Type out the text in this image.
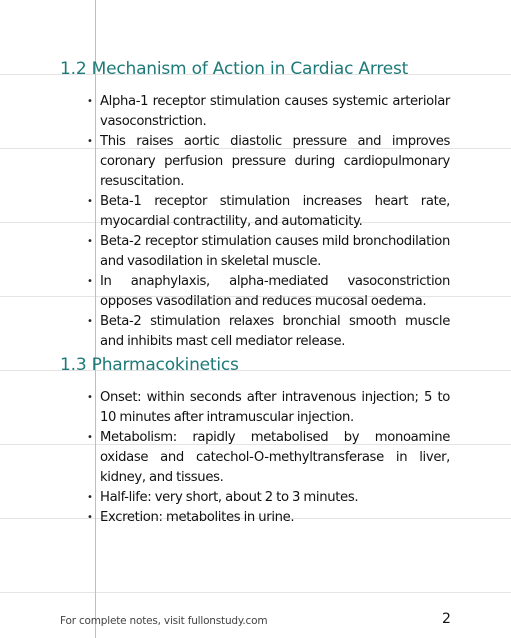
1.2 Mechanism of Action in Cardiac Arrest
• Alpha-1 receptor stimulation causes systemic arteriolar vasoconstriction.
• This raises aortic diastolic pressure and improves coronary perfusion pressure during cardiopulmonary resuscitation.
• Beta-1 receptor stimulation increases heart rate, myocardial contractility, and automaticity.
• Beta-2 receptor stimulation causes mild bronchodilation and vasodilation in skeletal muscle.
• In anaphylaxis, alpha-mediated vasoconstriction opposes vasodilation and reduces mucosal oedema.
• Beta-2 stimulation relaxes bronchial smooth muscle and inhibits mast cell mediator release.
1.3 Pharmacokinetics
• Onset: within seconds after intravenous injection; 5 to 10 minutes after intramuscular injection.
• Metabolism: rapidly metabolised by monoamine oxidase and catechol-O-methyltransferase in liver, kidney, and tissues.
• Half-life: very short, about 2 to 3 minutes.
• Excretion: metabolites in urine.
For complete notes, visit fullonstudy.com	2
